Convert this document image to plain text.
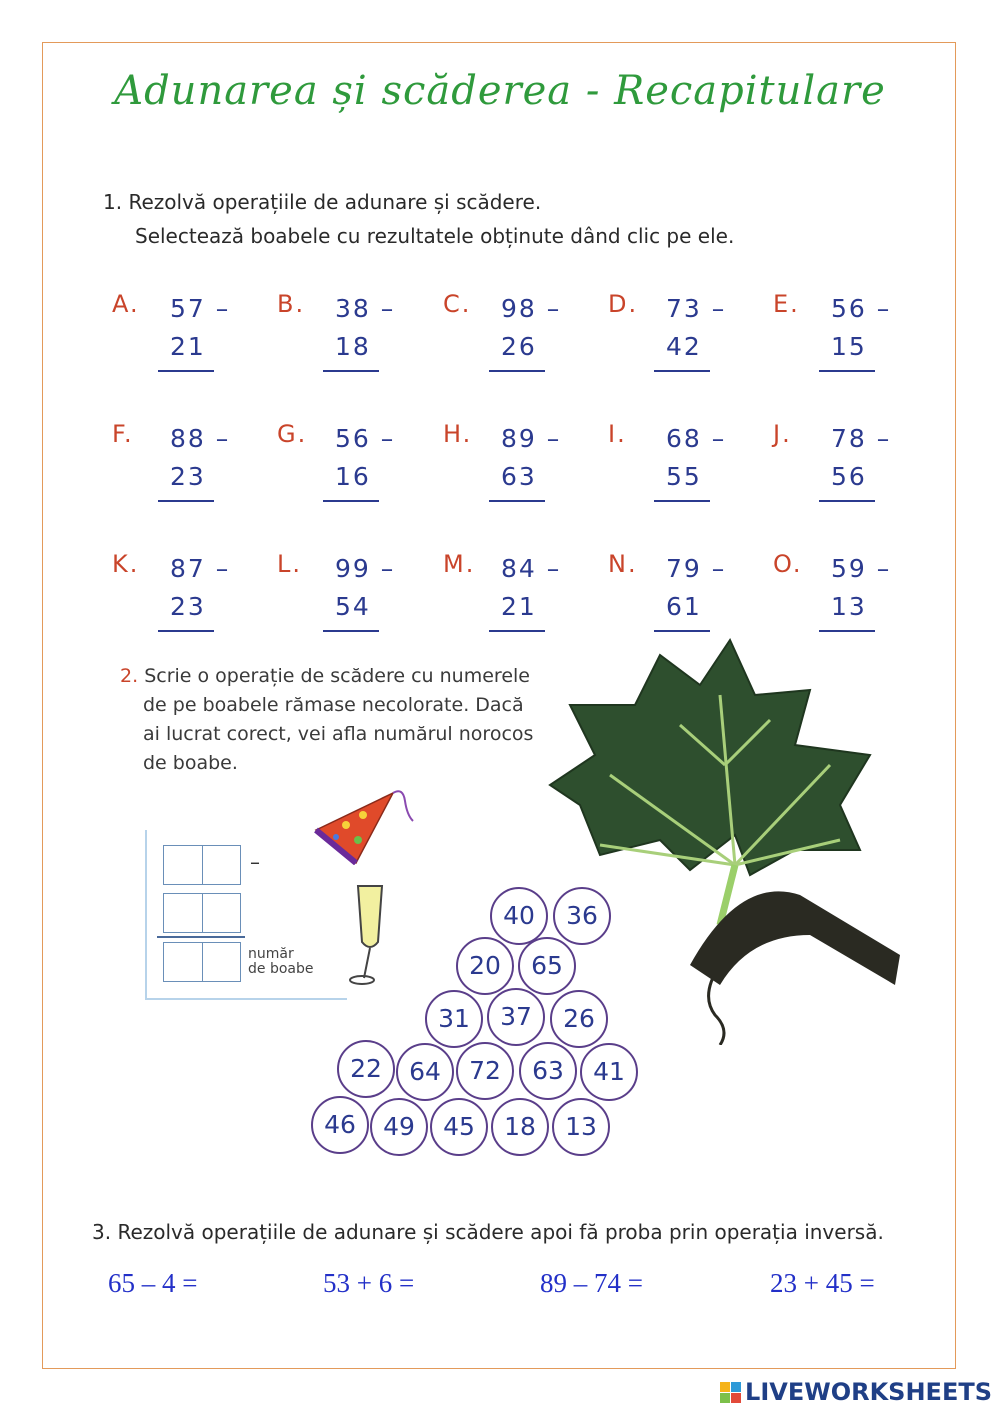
Adunarea și scăderea - Recapitulare
1. Rezolvă operațiile de adunare și scădere.
Selectează boabele cu rezultatele obținute dând clic pe ele.
A. 57 –
21
B. 38 –
18
C. 98 –
26
D. 73 –
42
E. 56 –
15
F. 88 –
23
G. 56 –
16
H. 89 –
63
I. 68 –
55
J. 78 –
56
K. 87 –
23
L. 99 –
54
M. 84 –
21
N. 79 –
61
O. 59 –
13
2. Scrie o operație de scădere cu numerele
de pe boabele rămase necolorate. Dacă
ai lucrat corect, vei afla numărul norocos
de boabe.
–
număr
de boabe
40	36
20	65
31	37	26
22	64	72	63	41
46	49	45	18	13
3. Rezolvă operațiile de adunare și scădere apoi fă proba prin operația inversă.
65 – 4 =	53 + 6 =	89 – 74 =	23 + 45 =
LIVEWORKSHEETS
